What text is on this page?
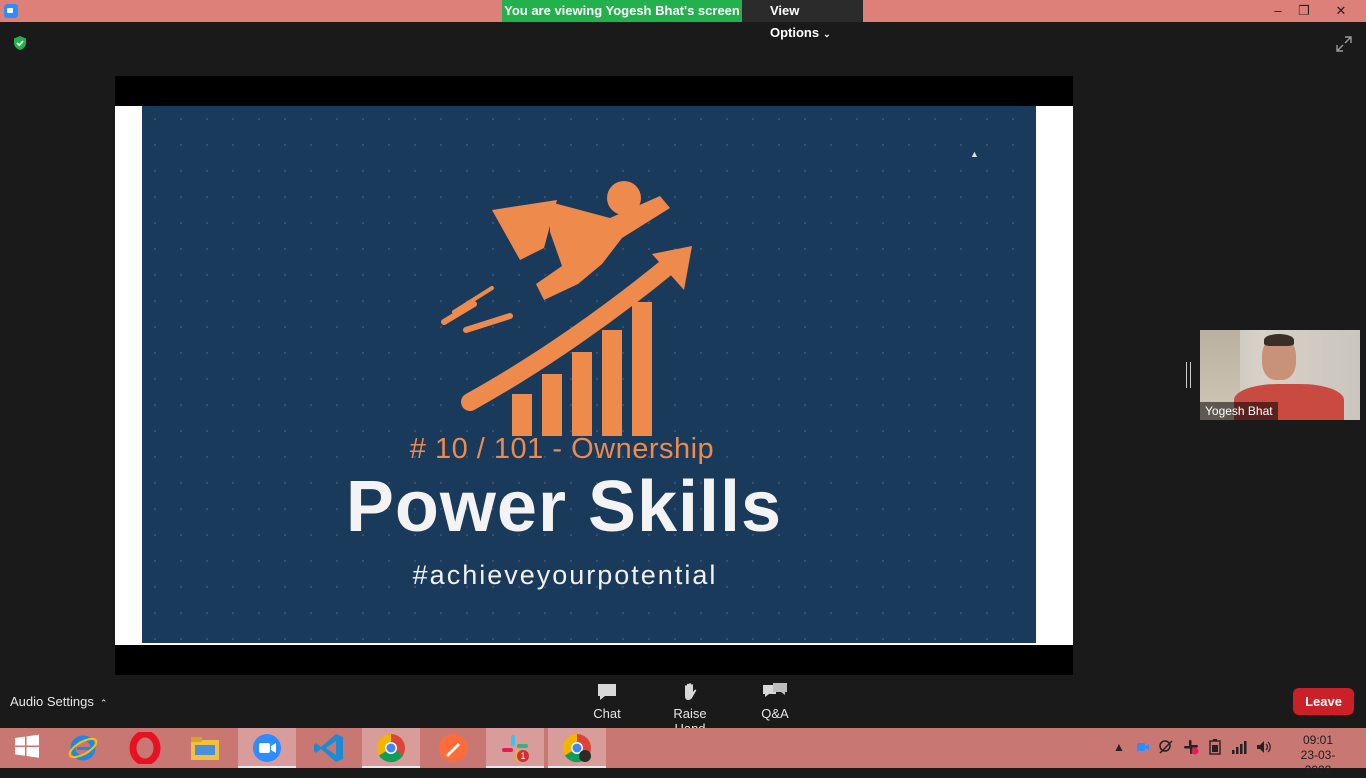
You are viewing Yogesh Bhat's screen	View Options ⌄
–	❐	✕
# 10 / 101 - Ownership
Power Skills
#achieveyourpotential
▲
Yogesh Bhat
Audio Settings ⌃
Chat	Raise	Q&A
Leave
1
▲	09:01
23-03-2022
